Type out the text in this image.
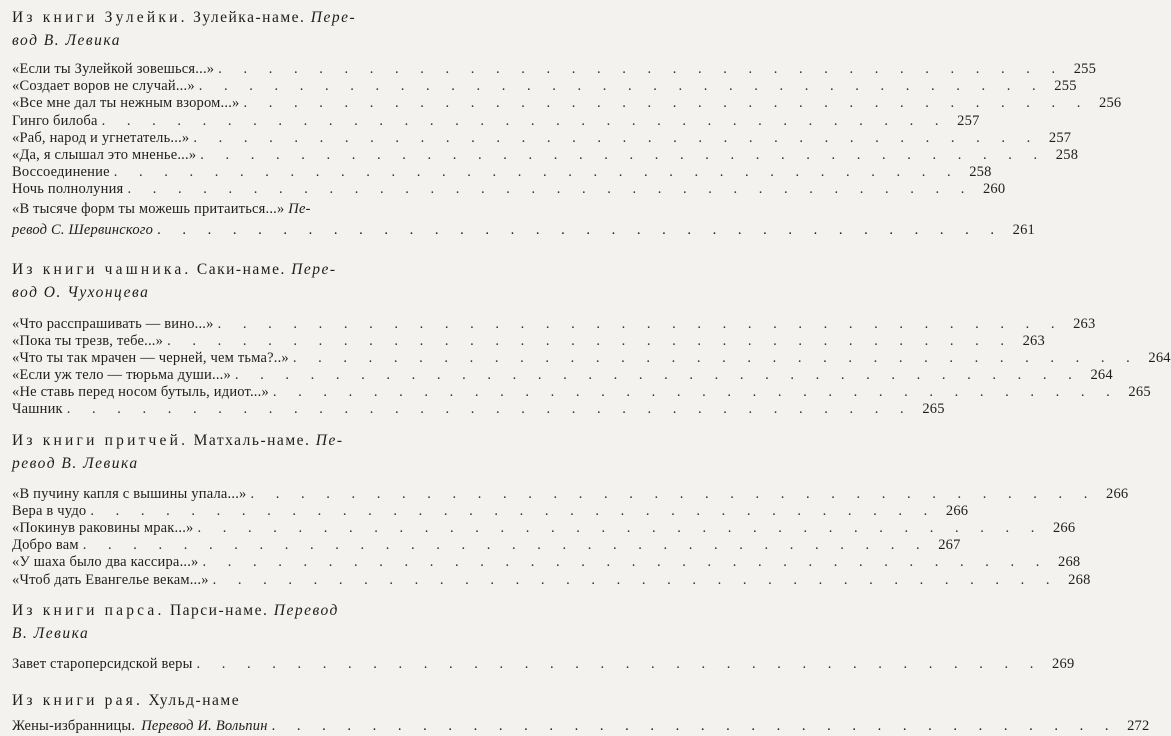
Из книги Зулейки. Зулейка-наме. Пере-
вод В. Левика

«Если ты Зулейкой зовешься...» . . . . . . . . . . . . . . . . . . . . . . . . . . . . . . . . . . 255
«Создает воров не случай...» . . . . . . . . . . . . . . . . . . . . . . . . . . . . . . . . . . 255
«Все мне дал ты нежным взором...» . . . . . . . . . . . . . . . . . . . . . . . . . . . . . . . . . . 256
Гинго билоба . . . . . . . . . . . . . . . . . . . . . . . . . . . . . . . . . . 257
«Раб, народ и угнетатель...» . . . . . . . . . . . . . . . . . . . . . . . . . . . . . . . . . . 257
«Да, я слышал это мненье...» . . . . . . . . . . . . . . . . . . . . . . . . . . . . . . . . . . 258
Воссоединение . . . . . . . . . . . . . . . . . . . . . . . . . . . . . . . . . . 258
Ночь полнолуния . . . . . . . . . . . . . . . . . . . . . . . . . . . . . . . . . . 260
«В тысяче форм ты можешь притаиться...» Пе-
ревод С. Шервинского . . . . . . . . . . . . . . . . . . . . . . . . . . . . . . . . . . 261

Из книги чашника. Саки-наме. Пере-
вод О. Чухонцева

«Что расспрашивать — вино...» . . . . . . . . . . . . . . . . . . . . . . . . . . . . . . . . . . 263
«Пока ты трезв, тебе...» . . . . . . . . . . . . . . . . . . . . . . . . . . . . . . . . . . 263
«Что ты так мрачен — черней, чем тьма?..» . . . . . . . . . . . . . . . . . . . . . . . . . . . . . . . . . . 264
«Если уж тело — тюрьма души...» . . . . . . . . . . . . . . . . . . . . . . . . . . . . . . . . . . 264
«Не ставь перед носом бутыль, идиот...» . . . . . . . . . . . . . . . . . . . . . . . . . . . . . . . . . . 265
Чашник . . . . . . . . . . . . . . . . . . . . . . . . . . . . . . . . . . 265

Из книги притчей. Матхаль-наме. Пе-
ревод В. Левика

«В пучину капля с вышины упала...» . . . . . . . . . . . . . . . . . . . . . . . . . . . . . . . . . . 266
Вера в чудо . . . . . . . . . . . . . . . . . . . . . . . . . . . . . . . . . . 266
«Покинув раковины мрак...» . . . . . . . . . . . . . . . . . . . . . . . . . . . . . . . . . . 266
Добро вам . . . . . . . . . . . . . . . . . . . . . . . . . . . . . . . . . . 267
«У шаха было два кассира...» . . . . . . . . . . . . . . . . . . . . . . . . . . . . . . . . . . 268
«Чтоб дать Евангелье векам...» . . . . . . . . . . . . . . . . . . . . . . . . . . . . . . . . . . 268

Из книги парса. Парси-наме. Перевод
В. Левика

Завет староперсидской веры . . . . . . . . . . . . . . . . . . . . . . . . . . . . . . . . . . 269

Из книги рая. Хульд-наме

Жены-избранницы. Перевод И. Вольпин . . . . . . . . . . . . . . . . . . . . . . . . . . . . . . . . . . 272
